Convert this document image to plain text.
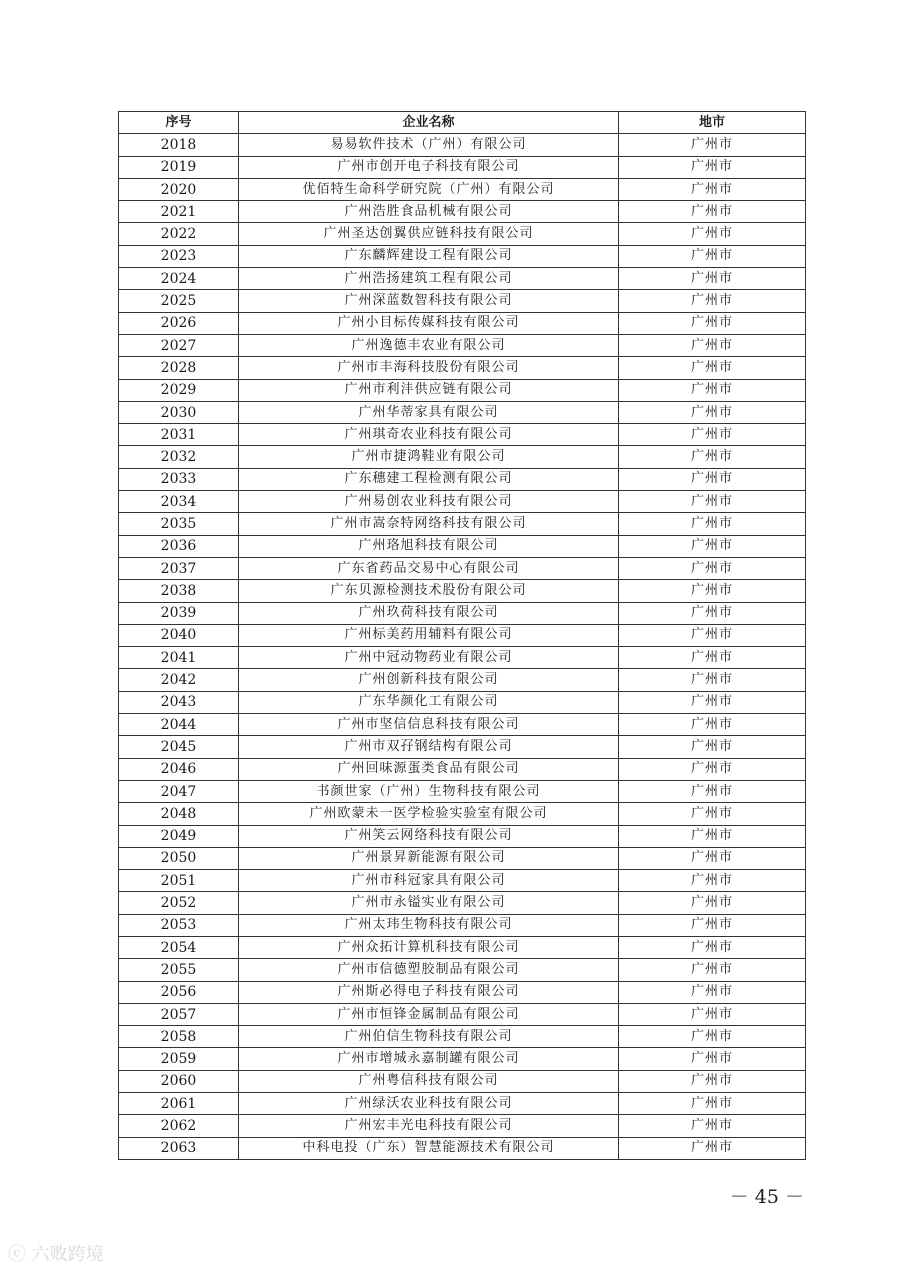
序号	企业名称	地市
2018	易易软件技术（广州）有限公司	广州市
2019	广州市创开电子科技有限公司	广州市
2020	优佰特生命科学研究院（广州）有限公司	广州市
2021	广州浩胜食品机械有限公司	广州市
2022	广州圣达创翼供应链科技有限公司	广州市
2023	广东麟辉建设工程有限公司	广州市
2024	广州浩扬建筑工程有限公司	广州市
2025	广州深蓝数智科技有限公司	广州市
2026	广州小目标传媒科技有限公司	广州市
2027	广州逸德丰农业有限公司	广州市
2028	广州市丰海科技股份有限公司	广州市
2029	广州市利沣供应链有限公司	广州市
2030	广州华蒂家具有限公司	广州市
2031	广州琪奇农业科技有限公司	广州市
2032	广州市捷鸿鞋业有限公司	广州市
2033	广东穗建工程检测有限公司	广州市
2034	广州易创农业科技有限公司	广州市
2035	广州市嵩奈特网络科技有限公司	广州市
2036	广州珞旭科技有限公司	广州市
2037	广东省药品交易中心有限公司	广州市
2038	广东贝源检测技术股份有限公司	广州市
2039	广州玖荷科技有限公司	广州市
2040	广州标美药用辅料有限公司	广州市
2041	广州中冠动物药业有限公司	广州市
2042	广州创新科技有限公司	广州市
2043	广东华颜化工有限公司	广州市
2044	广州市坚信信息科技有限公司	广州市
2045	广州市双孖钢结构有限公司	广州市
2046	广州回味源蛋类食品有限公司	广州市
2047	书颜世家（广州）生物科技有限公司	广州市
2048	广州欧蒙未一医学检验实验室有限公司	广州市
2049	广州笑云网络科技有限公司	广州市
2050	广州景昇新能源有限公司	广州市
2051	广州市科冠家具有限公司	广州市
2052	广州市永镒实业有限公司	广州市
2053	广州太玮生物科技有限公司	广州市
2054	广州众拓计算机科技有限公司	广州市
2055	广州市信德塑胶制品有限公司	广州市
2056	广州斯必得电子科技有限公司	广州市
2057	广州市恒锋金属制品有限公司	广州市
2058	广州伯信生物科技有限公司	广州市
2059	广州市增城永嘉制罐有限公司	广州市
2060	广州粤信科技有限公司	广州市
2061	广州绿沃农业科技有限公司	广州市
2062	广州宏丰光电科技有限公司	广州市
2063	中科电投（广东）智慧能源技术有限公司	广州市
－ 45 －
ⓒ 六败跨境
